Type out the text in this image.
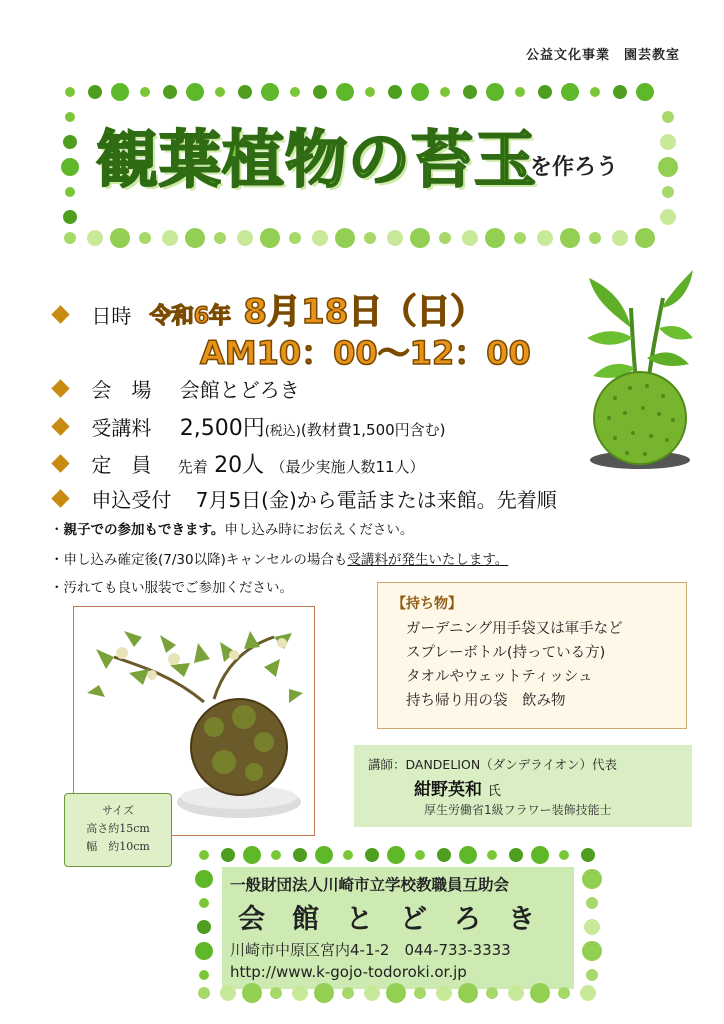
公益文化事業　園芸教室
観葉植物の苔玉
を作ろう
日時 令和6年 8月18日（日）
AM10：00～12：00
会　場 会館とどろき
受講料 2,500円(税込)(教材費1,500円含む)
定　員 先着 20人 （最少実施人数11人）
申込受付 7月5日(金)から電話または来館。先着順
・親子での参加もできます。申し込み時にお伝えください。
・申し込み確定後(7/30以降)キャンセルの場合も受講料が発生いたします。
・汚れても良い服装でご参加ください。
【持ち物】
ガーデニング用手袋又は軍手など
スプレーボトル(持っている方)
タオルやウェットティッシュ
持ち帰り用の袋　飲み物
サイズ
高さ約15cm
幅　約10cm
講師：DANDELION（ダンデライオン）代表
紺野英和 氏
厚生労働省1級フラワー装飾技能士
一般財団法人川崎市立学校教職員互助会
会　館　と　ど　ろ　き
川崎市中原区宮内4-1-2　044-733-3333
http://www.k-gojo-todoroki.or.jp
